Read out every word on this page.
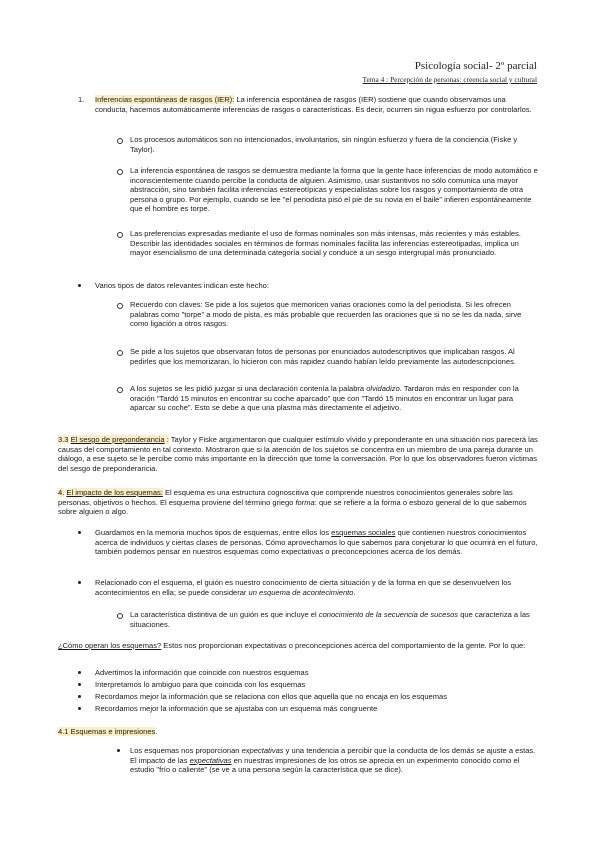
Psicología social- 2º parcial
Tema 4 : Percepción de personas: creencia social y cultural
1. Inferencias espontáneas de rasgos (IER): La inferencia espontánea de rasgos (IER) sostiene que cuando observamos una conducta, hacemos automáticamente inferencias de rasgos o características. Es decir, ocurren sin nigua esfuerzo por controlarlos.
Los procesos automáticos son no intencionados, involuntarios, sin ningún esfuerzo y fuera de la conciencia (Fiske y Taylor).
La inferencia espontánea de rasgos se demuestra mediante la forma que la gente hace inferencias de modo automático e inconscientemente cuando percibe la conducta de alguien. Asimismo, usar sustantivos no sólo comunica una mayor abstracción, sino también facilita inferencias estereotípicas y especialistas sobre los rasgos y comportamiento de otra persona o grupo. Por ejemplo, cuando se lee "el periodista pisó el pie de su novia en el baile" infieren espontáneamente que el hombre es torpe.
Las preferencias expresadas mediante el uso de formas nominales son más intensas, más recientes y más estables. Describir las identidades sociales en términos de formas nominales facilita las inferencias estereotipadas, implica un mayor esencialismo de una determinada categoría social y conduce a un sesgo intergrupal más pronunciado.
Varios tipos de datos relevantes indican este hecho:
Recuerdo con claves: Se pide a los sujetos que memoricen varias oraciones como la del periodista. Si les ofrecen palabras como "torpe" a modo de pista, es más probable que recuerden las oraciones que si no se les da nada, sirve como ligación a otros rasgos.
Se pide a los sujetos que observaran fotos de personas por enunciados autodescriptivos que implicaban rasgos. Al pedirles que los memorizaran, lo hicieron con más rapidez cuando habían leído previamente las autodescripciones.
A los sujetos se les pidió juzgar si una declaración contenía la palabra olvidadizo. Tardaron más en responder con la oración "Tardó 15 minutos en encontrar su coche aparcado" que con "Tardó 15 minutos en encontrar un lugar para aparcar su coche". Esto se debe a que una plasma más directamente el adjetivo.
3.3 El sesgo de preponderancia : Taylor y Fiske argumentaron que cualquier estímulo vívido y preponderante en una situación nos parecerá las causas del comportamiento en tal contexto. Mostraron que si la atención de los sujetos se concentra en un miembro de una pareja durante un diálogo, a ese sujeto se le percibe como más importante en la dirección que tome la conversación. Por lo que los observadores fueron víctimas del sesgo de preponderancia.
4. El impacto de los esquemas: El esquema es una estructura cognoscitiva que comprende nuestros conocimientos generales sobre las personas, objetivos o hechos. El esquema proviene del término griego forma: que se refiere a la forma o esbozo general de lo que sabemos sobre alguien o algo.
Guardamos en la memoria muchos tipos de esquemas, entre ellos los esquemas sociales que contienen nuestros conocimientos acerca de individuos y ciertas clases de personas. Cómo aprovechamos lo que sabemos para conjeturar lo que ocurrirá en el futuro, también podemos pensar en nuestros esquemas como expectativas o preconcepciones acerca de los demás.
Relacionado con el esquema, el guión es nuestro conocimiento de cierta situación y de la forma en que se desenvuelven los acontecimientos en ella; se puede considerar un esquema de acontecimiento.
La característica distintiva de un guión es que incluye el conocimiento de la secuencia de sucesos que caracteriza a las situaciones.
¿Cómo operan los esquemas? Estos nos proporcionan expectativas o preconcepciones acerca del comportamiento de la gente. Por lo que:
Advertimos la información que coincide con nuestros esquemas
Interpretamos lo ambiguo para que coincida con los esquemas
Recordamos mejor la información que se relaciona con ellos que aquella que no encaja en los esquemas
Recordamos mejor la información que se ajustaba con un esquema más congruente
4.1 Esquemas e impresiones.
Los esquemas nos proporcionan expectativas y una tendencia a percibir que la conducta de los demás se ajuste a estas. El impacto de las expectativas en nuestras impresiones de los otros se aprecia en un experimento conocido como el estudio "frío o caliente" (se ve a una persona según la característica que se dice).
